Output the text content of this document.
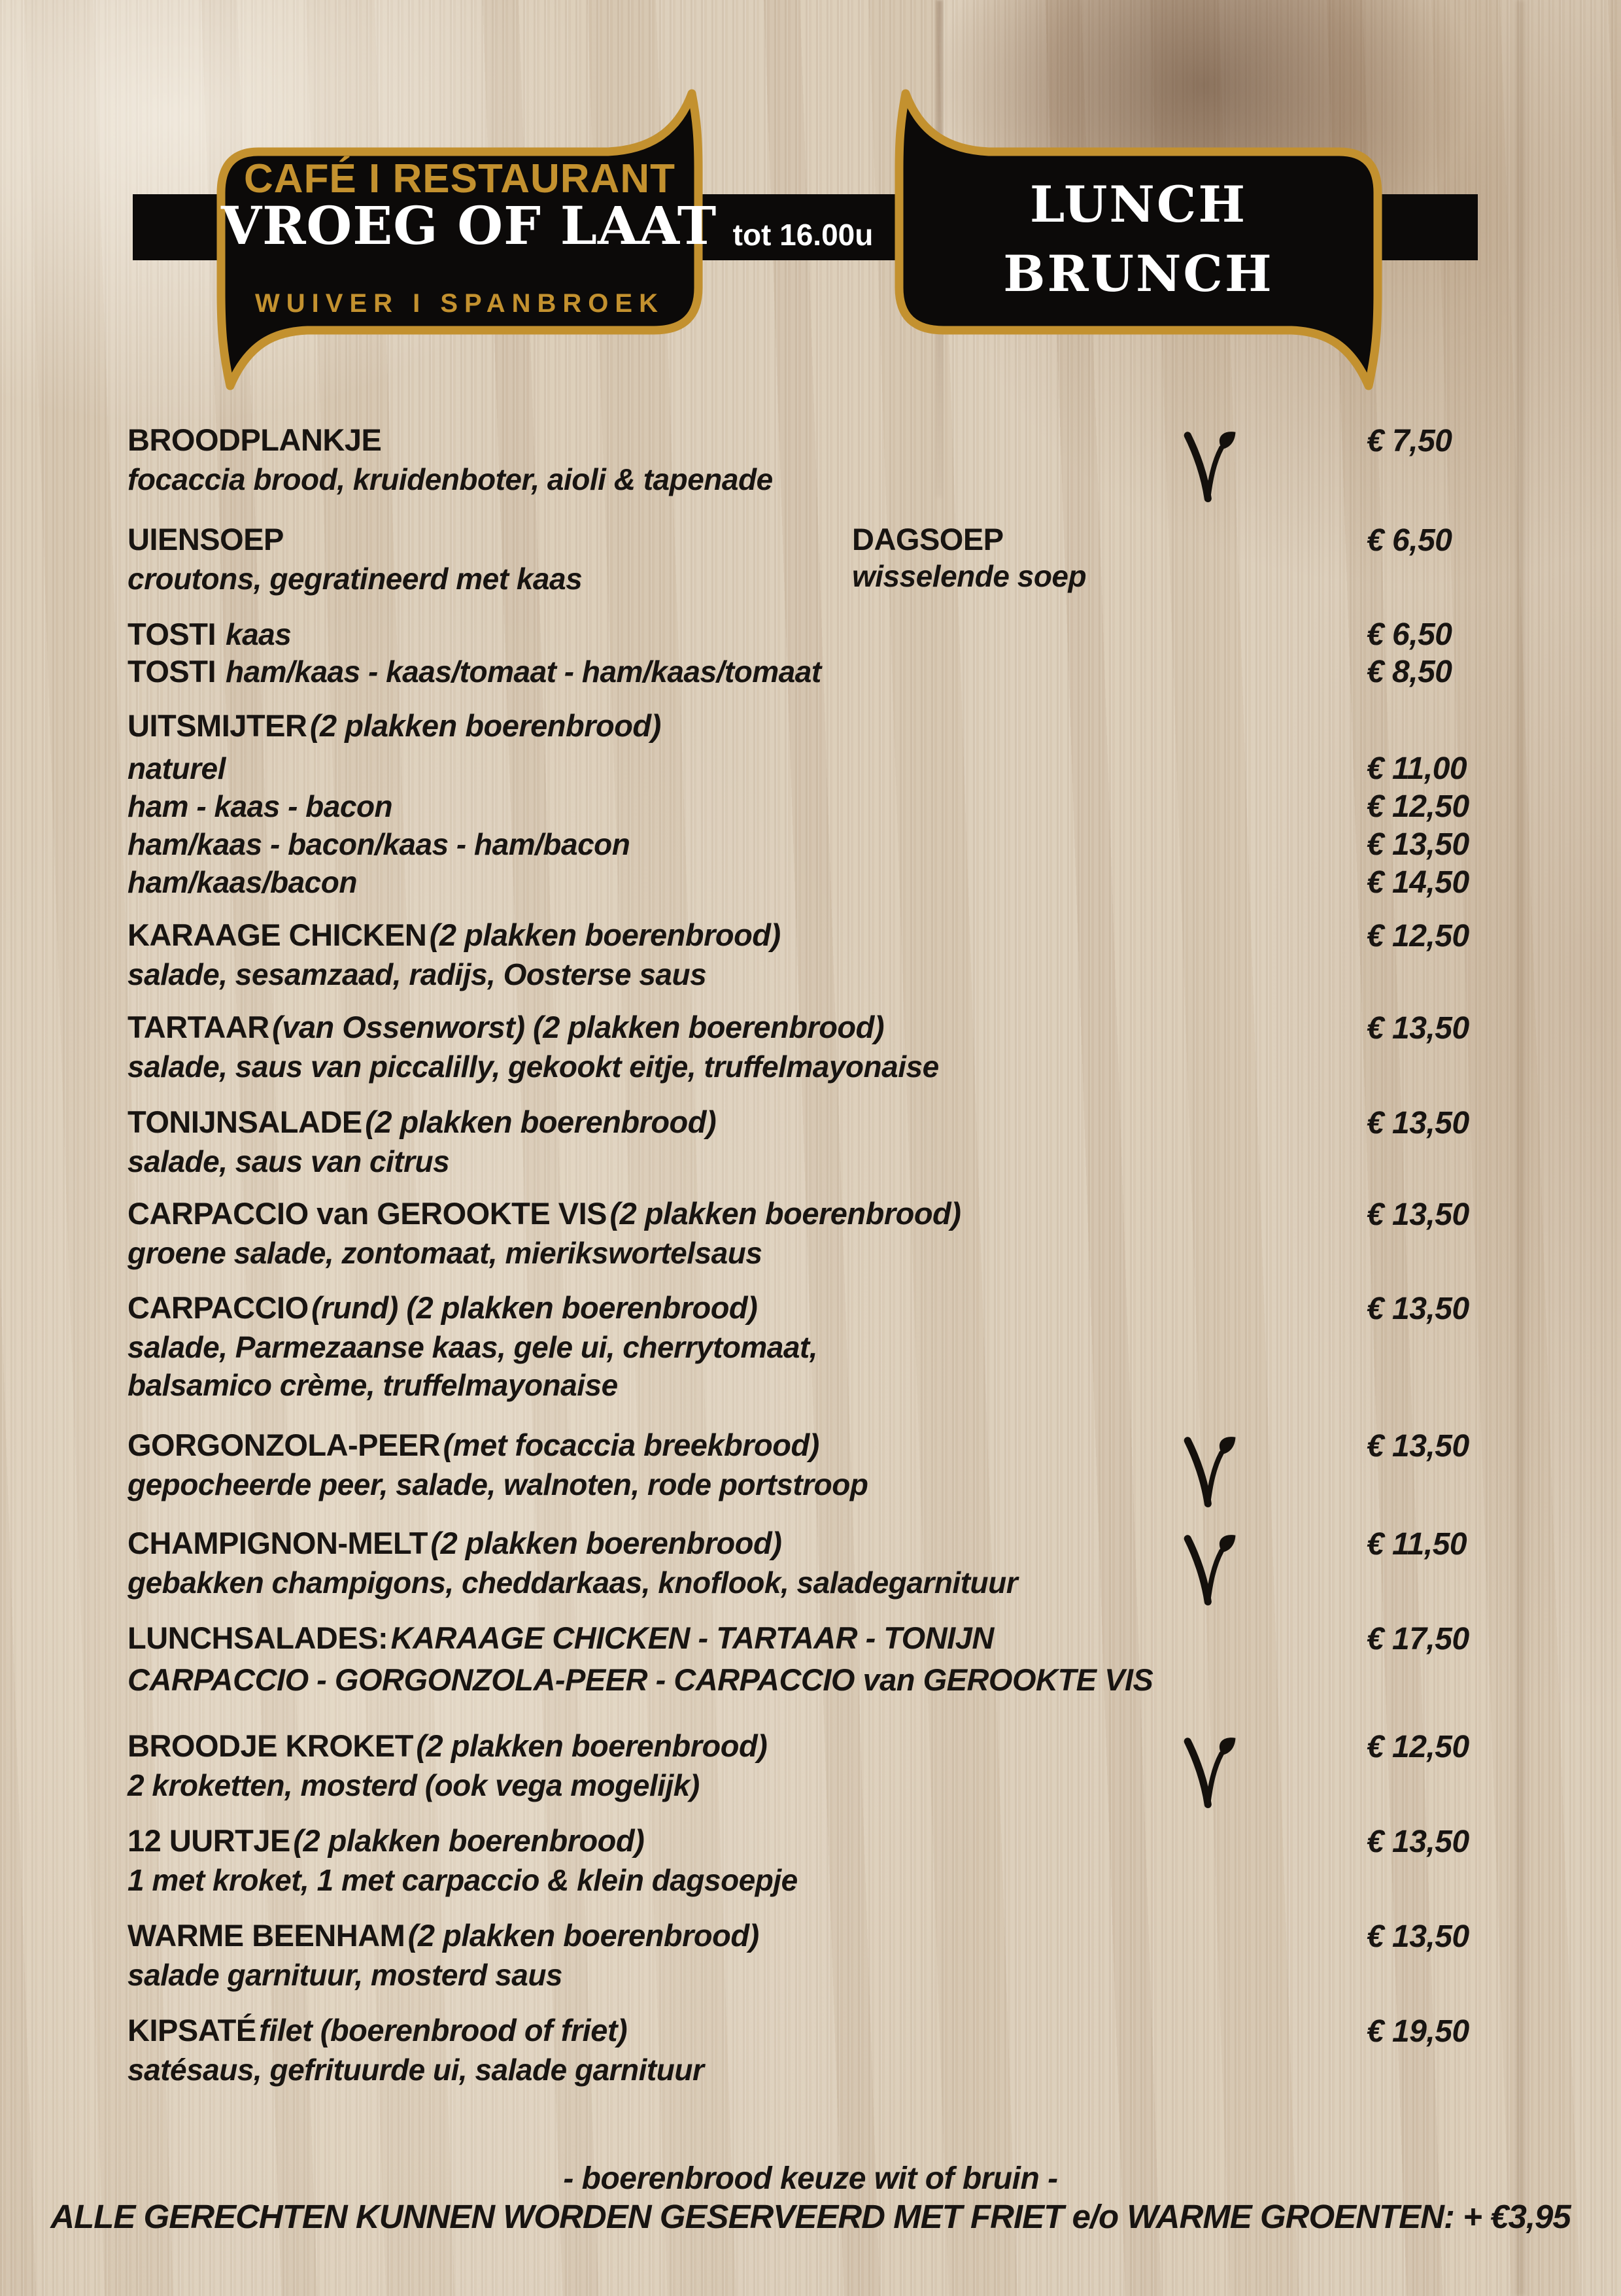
CAFÉ I RESTAURANT
VROEG OF LAAT
WUIVER I SPANBROEK
tot 16.00u
LUNCH
BRUNCH
BROODPLANKJE
focaccia brood, kruidenboter, aioli & tapenade
€ 7,50
UIENSOEP
croutons, gegratineerd met kaas
DAGSOEP
wisselende soep
€ 6,50
TOSTI kaas	€ 6,50
TOSTI ham/kaas - kaas/tomaat - ham/kaas/tomaat	€ 8,50
UITSMIJTER (2 plakken boerenbrood)
naturel	€ 11,00
ham - kaas - bacon	€ 12,50
ham/kaas - bacon/kaas - ham/bacon	€ 13,50
ham/kaas/bacon	€ 14,50
KARAAGE CHICKEN (2 plakken boerenbrood)
salade, sesamzaad, radijs, Oosterse saus
€ 12,50
TARTAAR (van Ossenworst) (2 plakken boerenbrood)
salade, saus van piccalilly, gekookt eitje, truffelmayonaise
€ 13,50
TONIJNSALADE (2 plakken boerenbrood)
salade, saus van citrus
€ 13,50
CARPACCIO van GEROOKTE VIS (2 plakken boerenbrood)
groene salade, zontomaat, mierikswortelsaus
€ 13,50
CARPACCIO (rund) (2 plakken boerenbrood)
salade, Parmezaanse kaas, gele ui, cherrytomaat,
balsamico crème, truffelmayonaise
€ 13,50
GORGONZOLA-PEER (met focaccia breekbrood)
gepocheerde peer, salade, walnoten, rode portstroop
€ 13,50
CHAMPIGNON-MELT (2 plakken boerenbrood)
gebakken champigons, cheddarkaas, knoflook, saladegarnituur
€ 11,50
LUNCHSALADES: KARAAGE CHICKEN - TARTAAR - TONIJN
CARPACCIO - GORGONZOLA-PEER - CARPACCIO van GEROOKTE VIS
€ 17,50
BROODJE KROKET (2 plakken boerenbrood)
2 kroketten, mosterd (ook vega mogelijk)
€ 12,50
12 UURTJE (2 plakken boerenbrood)
1 met kroket, 1 met carpaccio & klein dagsoepje
€ 13,50
WARME BEENHAM (2 plakken boerenbrood)
salade garnituur, mosterd saus
€ 13,50
KIPSATÉ filet (boerenbrood of friet)
satésaus, gefrituurde ui, salade garnituur
€ 19,50
- boerenbrood keuze wit of bruin -
ALLE GERECHTEN KUNNEN WORDEN GESERVEERD MET FRIET e/o WARME GROENTEN: + €3,95
